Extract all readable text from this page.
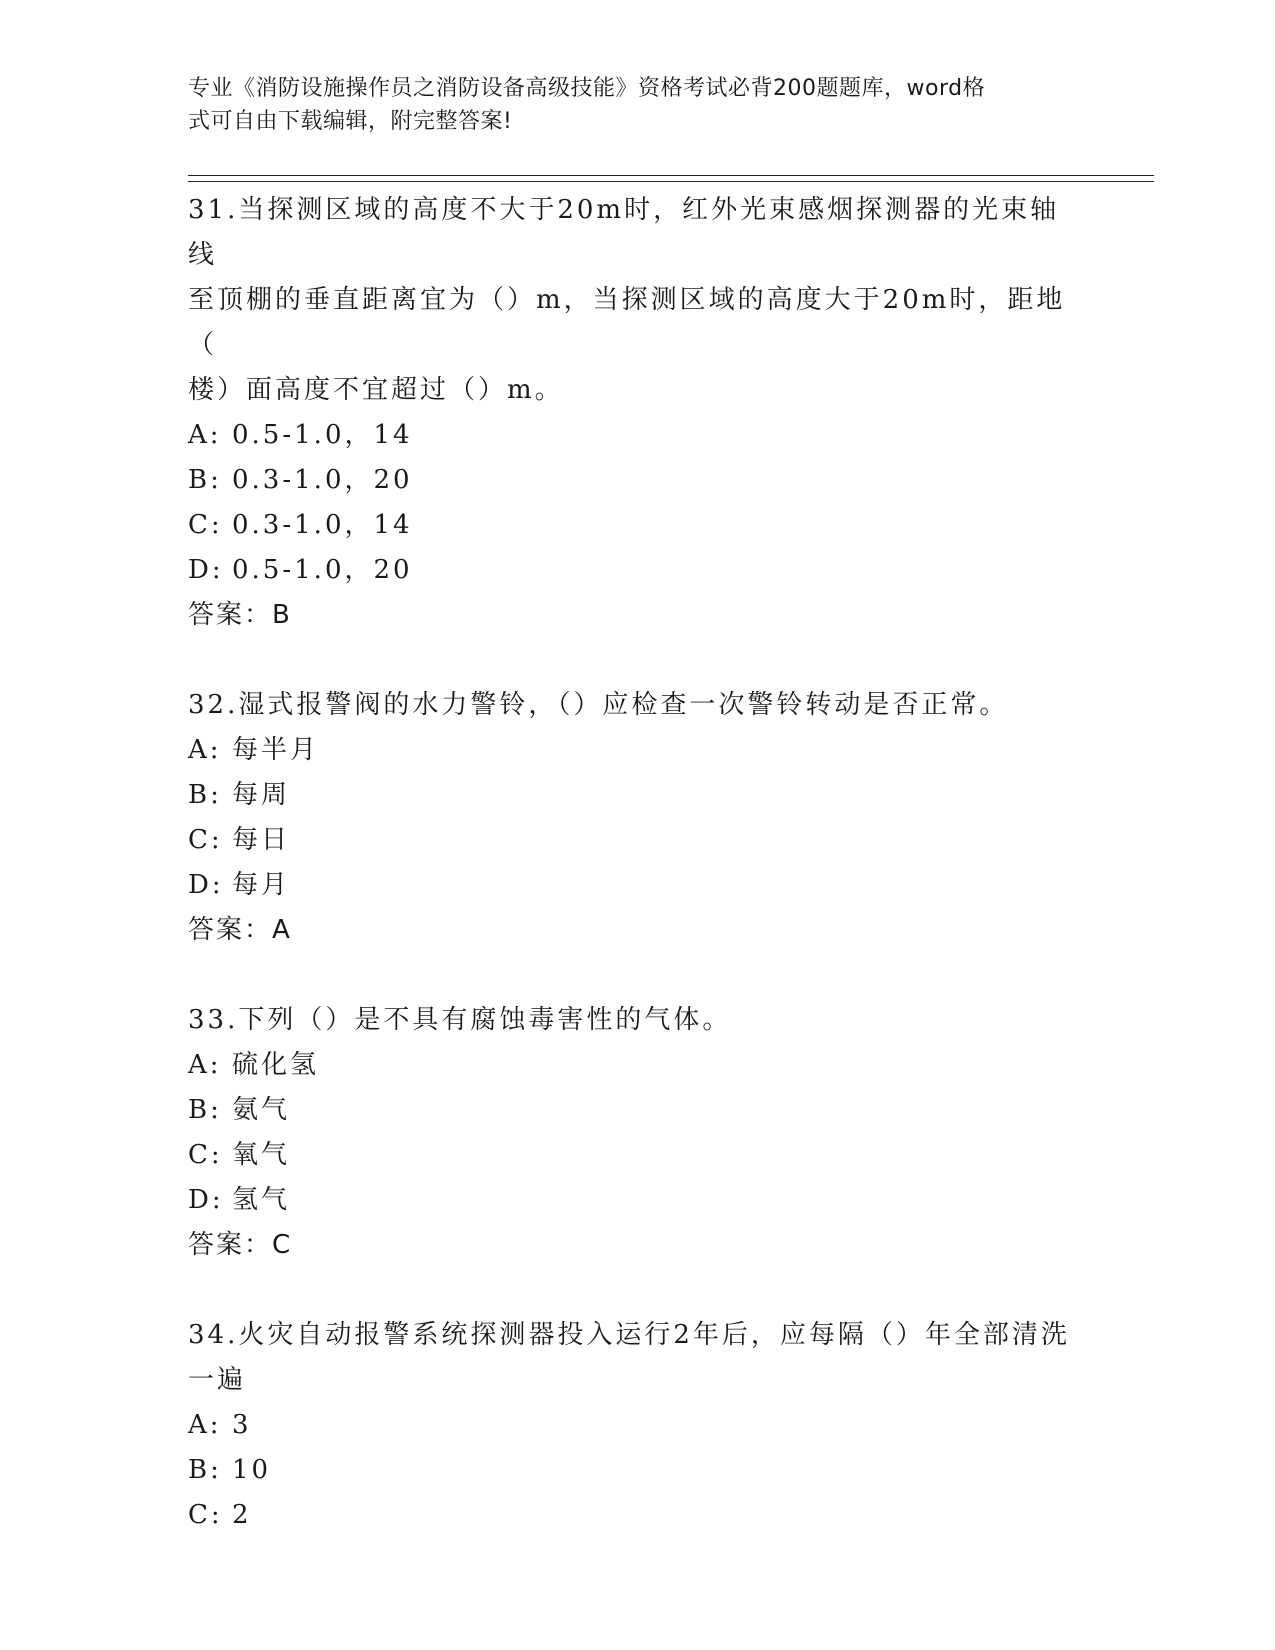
专业《消防设施操作员之消防设备高级技能》资格考试必背200题题库，word格
式可自由下载编辑，附完整答案!
31.当探测区域的高度不大于20m时，红外光束感烟探测器的光束轴线
至顶棚的垂直距离宜为（）m，当探测区域的高度大于20m时，距地（
楼）面高度不宜超过（）m。
A: 0.5-1.0，14
B: 0.3-1.0，20
C: 0.3-1.0，14
D: 0.5-1.0，20
答案：B
32.湿式报警阀的水力警铃，（）应检查一次警铃转动是否正常。
A: 每半月
B: 每周
C: 每日
D: 每月
答案：A
33.下列（）是不具有腐蚀毒害性的气体。
A: 硫化氢
B: 氨气
C: 氧气
D: 氢气
答案：C
34.火灾自动报警系统探测器投入运行2年后，应每隔（）年全部清洗
一遍
A: 3
B: 10
C: 2
